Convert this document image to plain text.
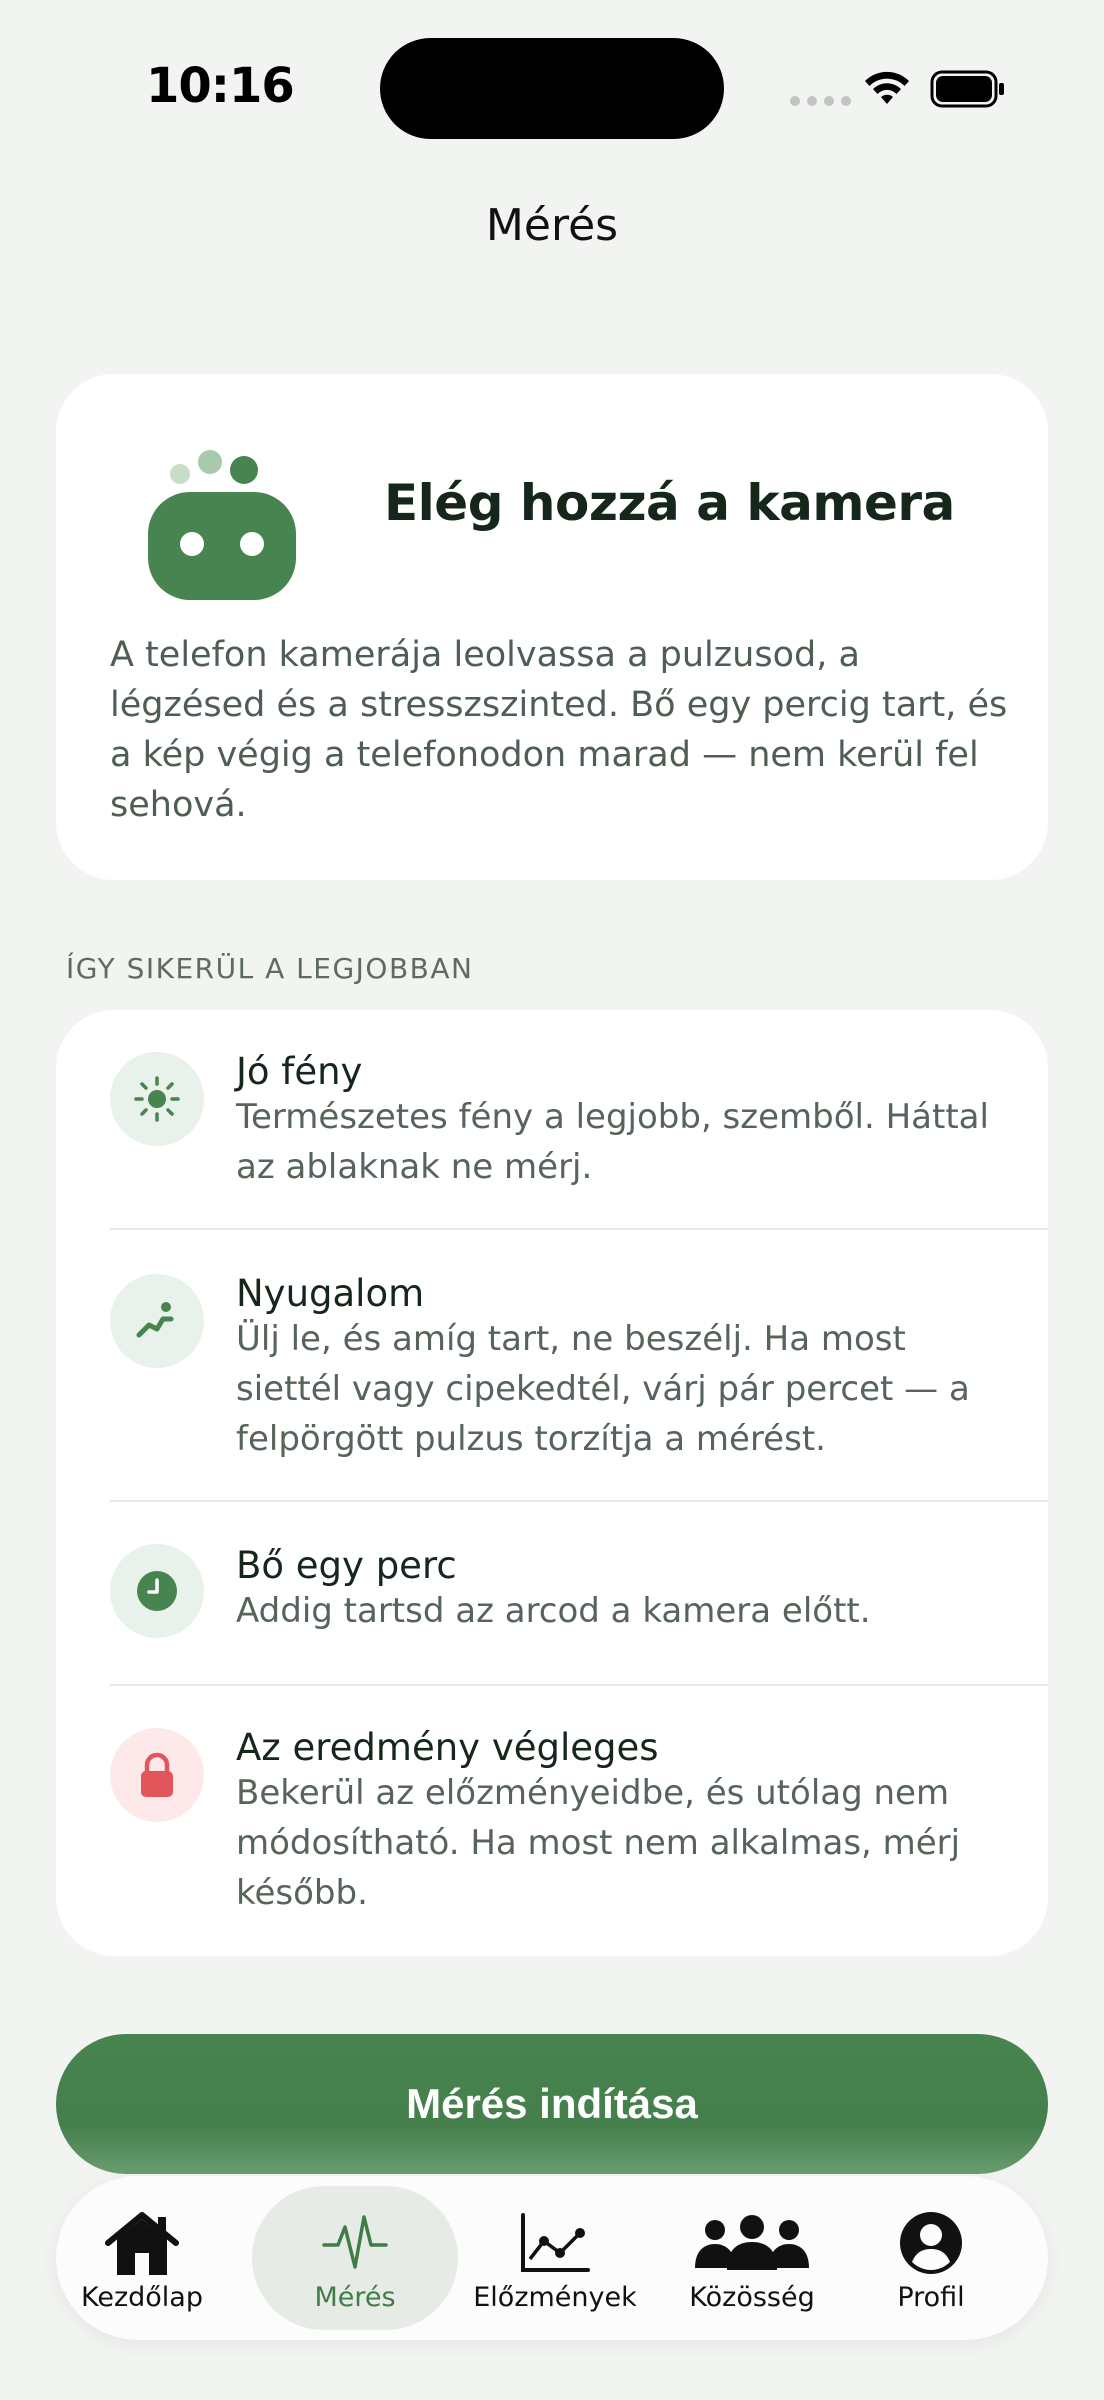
10:16
Mérés
Elég hozzá a kamera
A telefon kamerája leolvassa a pulzusod, a légzésed és a stresszszinted. Bő egy percig tart, és a kép végig a telefonodon marad — nem kerül fel sehová.
ÍGY SIKERÜL A LEGJOBBAN
Jó fény
Természetes fény a legjobb, szemből. Háttal az ablaknak ne mérj.
Nyugalom
Ülj le, és amíg tart, ne beszélj. Ha most siettél vagy cipekedtél, várj pár percet — a felpörgött pulzus torzítja a mérést.
Bő egy perc
Addig tartsd az arcod a kamera előtt.
Az eredmény végleges
Bekerül az előzményeidbe, és utólag nem módosítható. Ha most nem alkalmas, mérj később.
Mérés indítása
Kezdőlap	Mérés	Előzmények Közösség	Profil
